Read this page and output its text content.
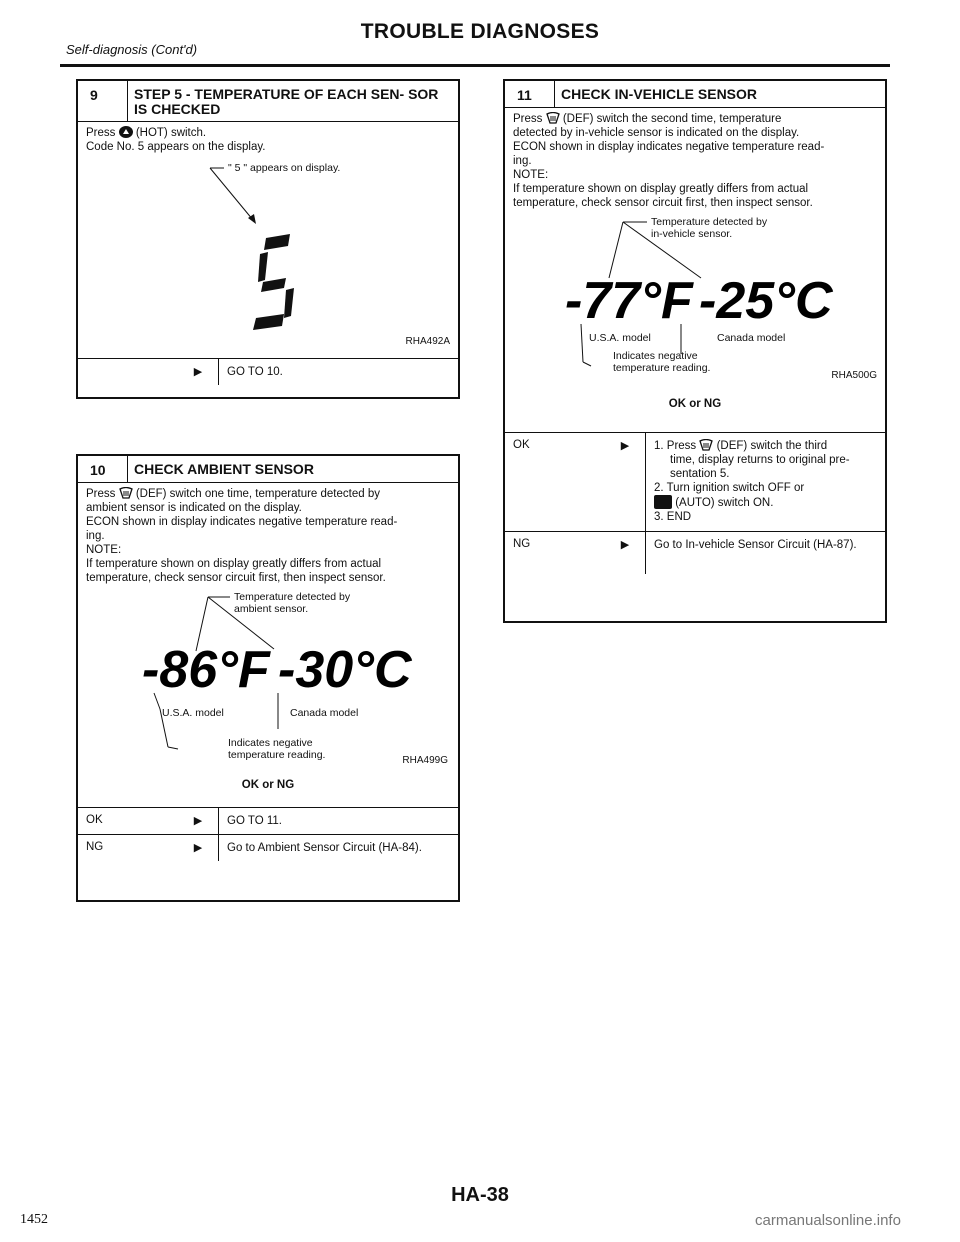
TROUBLE DIAGNOSES
Self-diagnosis (Cont'd)
9	STEP 5 - TEMPERATURE OF EACH SEN- SOR IS CHECKED

Press (HOT) switch.

Code No. 5 appears on the display.

" 5 " appears on display.
RHA492A
▶	GO TO 10.
10	CHECK AMBIENT SENSOR

Press (DEF) switch one time, temperature detected by

ambient sensor is indicated on the display.

ECON shown in display indicates negative temperature read-

ing.

NOTE:

If temperature shown on display greatly differs from actual

temperature, check sensor circuit first, then inspect sensor.

Temperature detected by
ambient sensor.
-86°F -30°C
U.S.A. model	Canada model
Indicates negative
temperature reading.	RHA499G
OK or NG
OK	▶	GO TO 11.
NG	▶	Go to Ambient Sensor Circuit (HA-84).
11	CHECK IN-VEHICLE SENSOR

Press (DEF) switch the second time, temperature

detected by in-vehicle sensor is indicated on the display.

ECON shown in display indicates negative temperature read-

ing.

NOTE:

If temperature shown on display greatly differs from actual

temperature, check sensor circuit first, then inspect sensor.

Temperature detected by
in-vehicle sensor.
-77°F -25°C
U.S.A. model	Canada model
Indicates negative
temperature reading.
RHA500G
OK or NG
OK	▶	1. Press (DEF) switch the third
time, display returns to original pre-
sentation 5.
2. Turn ignition switch OFF or
(AUTO) switch ON.
3. END
NG	▶	Go to In-vehicle Sensor Circuit (HA-87).
HA-38
1452	carmanualsonline.info
